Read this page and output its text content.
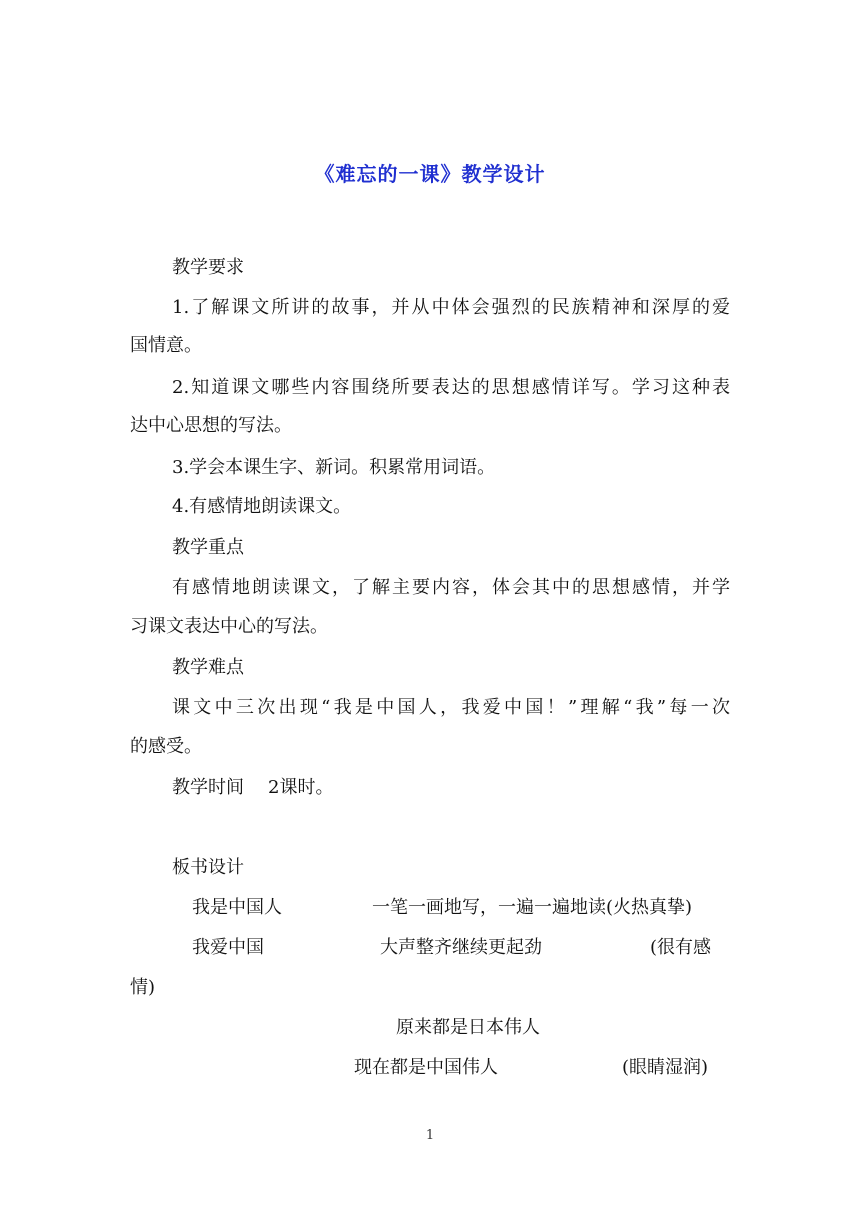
《难忘的一课》教学设计
教学要求
1.了解课文所讲的故事，并从中体会强烈的民族精神和深厚的爱
国情意。
2.知道课文哪些内容围绕所要表达的思想感情详写。学习这种表
达中心思想的写法。
3.学会本课生字、新词。积累常用词语。
4.有感情地朗读课文。
教学重点
有感情地朗读课文，了解主要内容，体会其中的思想感情，并学
习课文表达中心的写法。
教学难点
课文中三次出现“我是中国人，我爱中国！”理解“我”每一次
的感受。
教学时间 2课时。
板书设计
我是中国人	一笔一画地写，一遍一遍地读(火热真挚)
我爱中国	大声整齐继续更起劲	(很有感
情)
原来都是日本伟人
现在都是中国伟人	(眼睛湿润)
1
